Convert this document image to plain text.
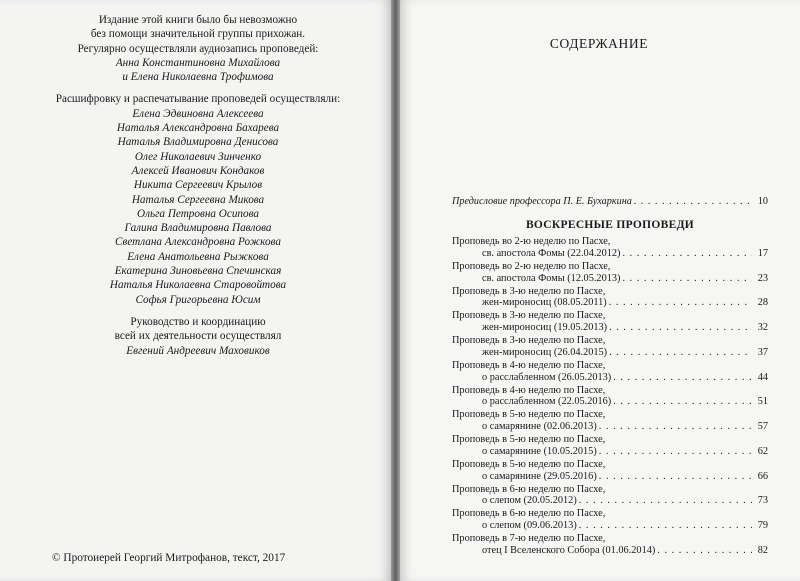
Издание этой книги было бы невозможно
без помощи значительной группы прихожан.
Регулярно осуществляли аудиозапись проповедей:
Анна Константиновна Михайлова
и Елена Николаевна Трофимова
Расшифровку и распечатывание проповедей осуществляли:
Елена Эдвиновна Алексеева
Наталья Александровна Бахарева
Наталья Владимировна Денисова
Олег Николаевич Зинченко
Алексей Иванович Кондаков
Никита Сергеевич Крылов
Наталья Сергеевна Микова
Ольга Петровна Осипова
Галина Владимировна Павлова
Светлана Александровна Рожкова
Елена Анатольевна Рыжкова
Екатерина Зиновьевна Спечинская
Наталья Николаевна Старовойтова
Софья Григорьевна Юсим
Руководство и координацию
всей их деятельности осуществлял
Евгений Андреевич Маховиков
© Протоиерей Георгий Митрофанов, текст, 2017
СОДЕРЖАНИЕ
Предисловие профессора П. Е. Бухаркина . . .	10
ВОСКРЕСНЫЕ ПРОПОВЕДИ
Проповедь во 2-ю неделю по Пасхе,
св. апостола Фомы (22.04.2012) . . .	17
Проповедь во 2-ю неделю по Пасхе,
св. апостола Фомы (12.05.2013) . . .	23
Проповедь в 3-ю неделю по Пасхе,
жен-мироносиц (08.05.2011) . . .	28
Проповедь в 3-ю неделю по Пасхе,
жен-мироносиц (19.05.2013) . . .	32
Проповедь в 3-ю неделю по Пасхе,
жен-мироносиц (26.04.2015) . . .	37
Проповедь в 4-ю неделю по Пасхе,
о расслабленном (26.05.2013) . . .	44
Проповедь в 4-ю неделю по Пасхе,
о расслабленном (22.05.2016) . . .	51
Проповедь в 5-ю неделю по Пасхе,
о самарянине (02.06.2013) . . .	57
Проповедь в 5-ю неделю по Пасхе,
о самарянине (10.05.2015) . . .	62
Проповедь в 5-ю неделю по Пасхе,
о самарянине (29.05.2016) . . .	66
Проповедь в 6-ю неделю по Пасхе,
о слепом (20.05.2012) . . .	73
Проповедь в 6-ю неделю по Пасхе,
о слепом (09.06.2013) . . .	79
Проповедь в 7-ю неделю по Пасхе,
отец I Вселенского Собора (01.06.2014) . . .	82
